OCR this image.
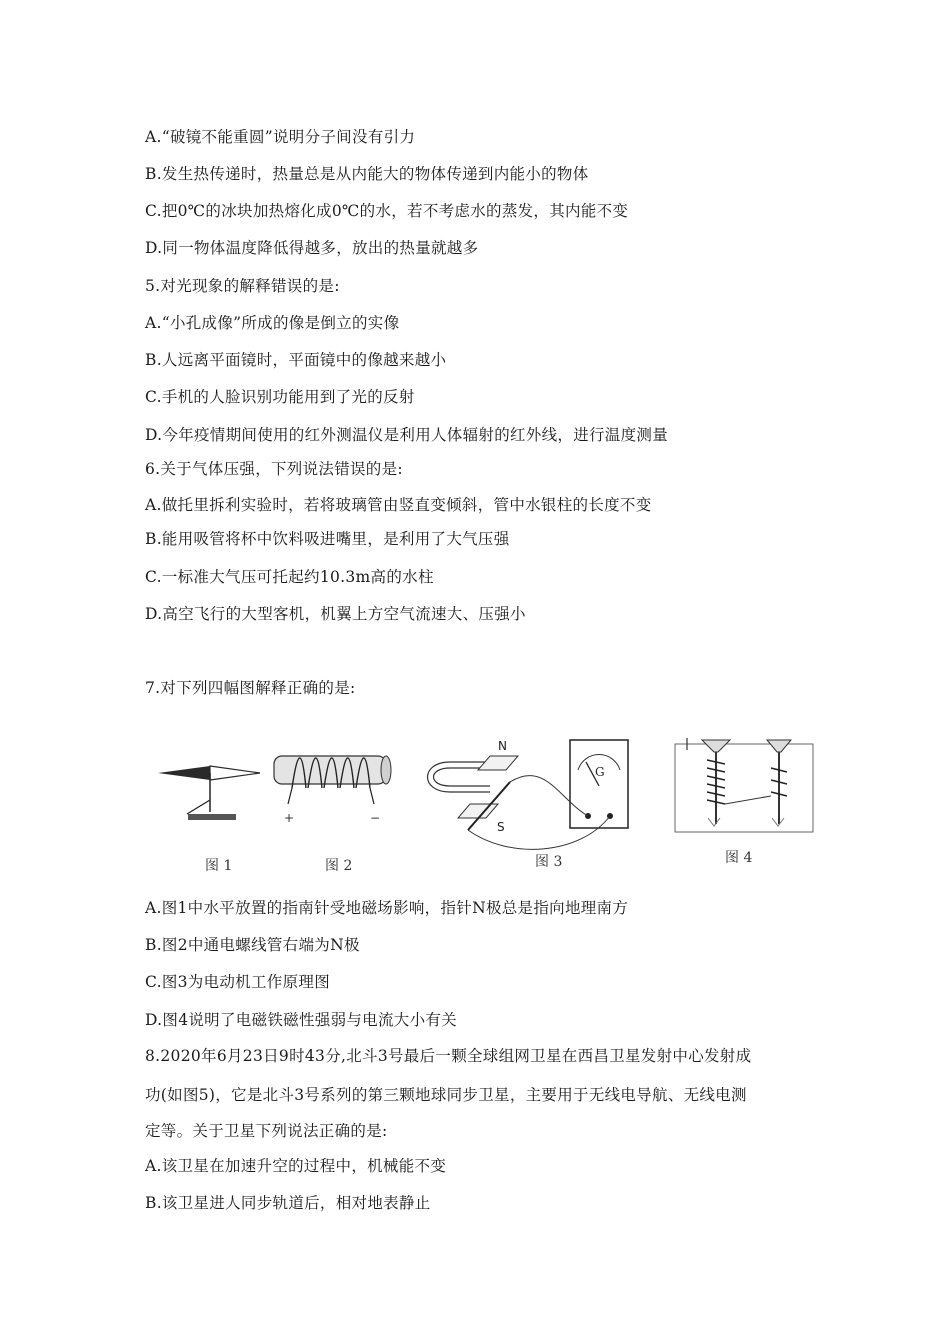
A.“破镜不能重圆”说明分子间没有引力
B.发生热传递时，热量总是从内能大的物体传递到内能小的物体
C.把0℃的冰块加热熔化成0℃的水，若不考虑水的蒸发，其内能不变
D.同一物体温度降低得越多，放出的热量就越多
5.对光现象的解释错误的是:
A.“小孔成像”所成的像是倒立的实像
B.人远离平面镜时，平面镜中的像越来越小
C.手机的人脸识别功能用到了光的反射
D.今年疫情期间使用的红外测温仪是利用人体辐射的红外线，进行温度测量
6.关于气体压强，下列说法错误的是:
A.做托里拆利实验时，若将玻璃管由竖直变倾斜，管中水银柱的长度不变
B.能用吸管将杯中饮料吸进嘴里，是利用了大气压强
C.一标准大气压可托起约10.3m高的水柱
D.高空飞行的大型客机，机翼上方空气流速大、压强小
7.对下列四幅图解释正确的是:
图 1
+	−
图 2
N
S
G
图 3	图 4
A.图1中水平放置的指南针受地磁场影响，指针N极总是指向地理南方
B.图2中通电螺线管右端为N极
C.图3为电动机工作原理图
D.图4说明了电磁铁磁性强弱与电流大小有关
8.2020年6月23日9时43分,北斗3号最后一颗全球组网卫星在西昌卫星发射中心发射成
功(如图5)，它是北斗3号系列的第三颗地球同步卫星，主要用于无线电导航、无线电测
定等。关于卫星下列说法正确的是:
A.该卫星在加速升空的过程中，机械能不变
B.该卫星进人同步轨道后，相对地表静止
